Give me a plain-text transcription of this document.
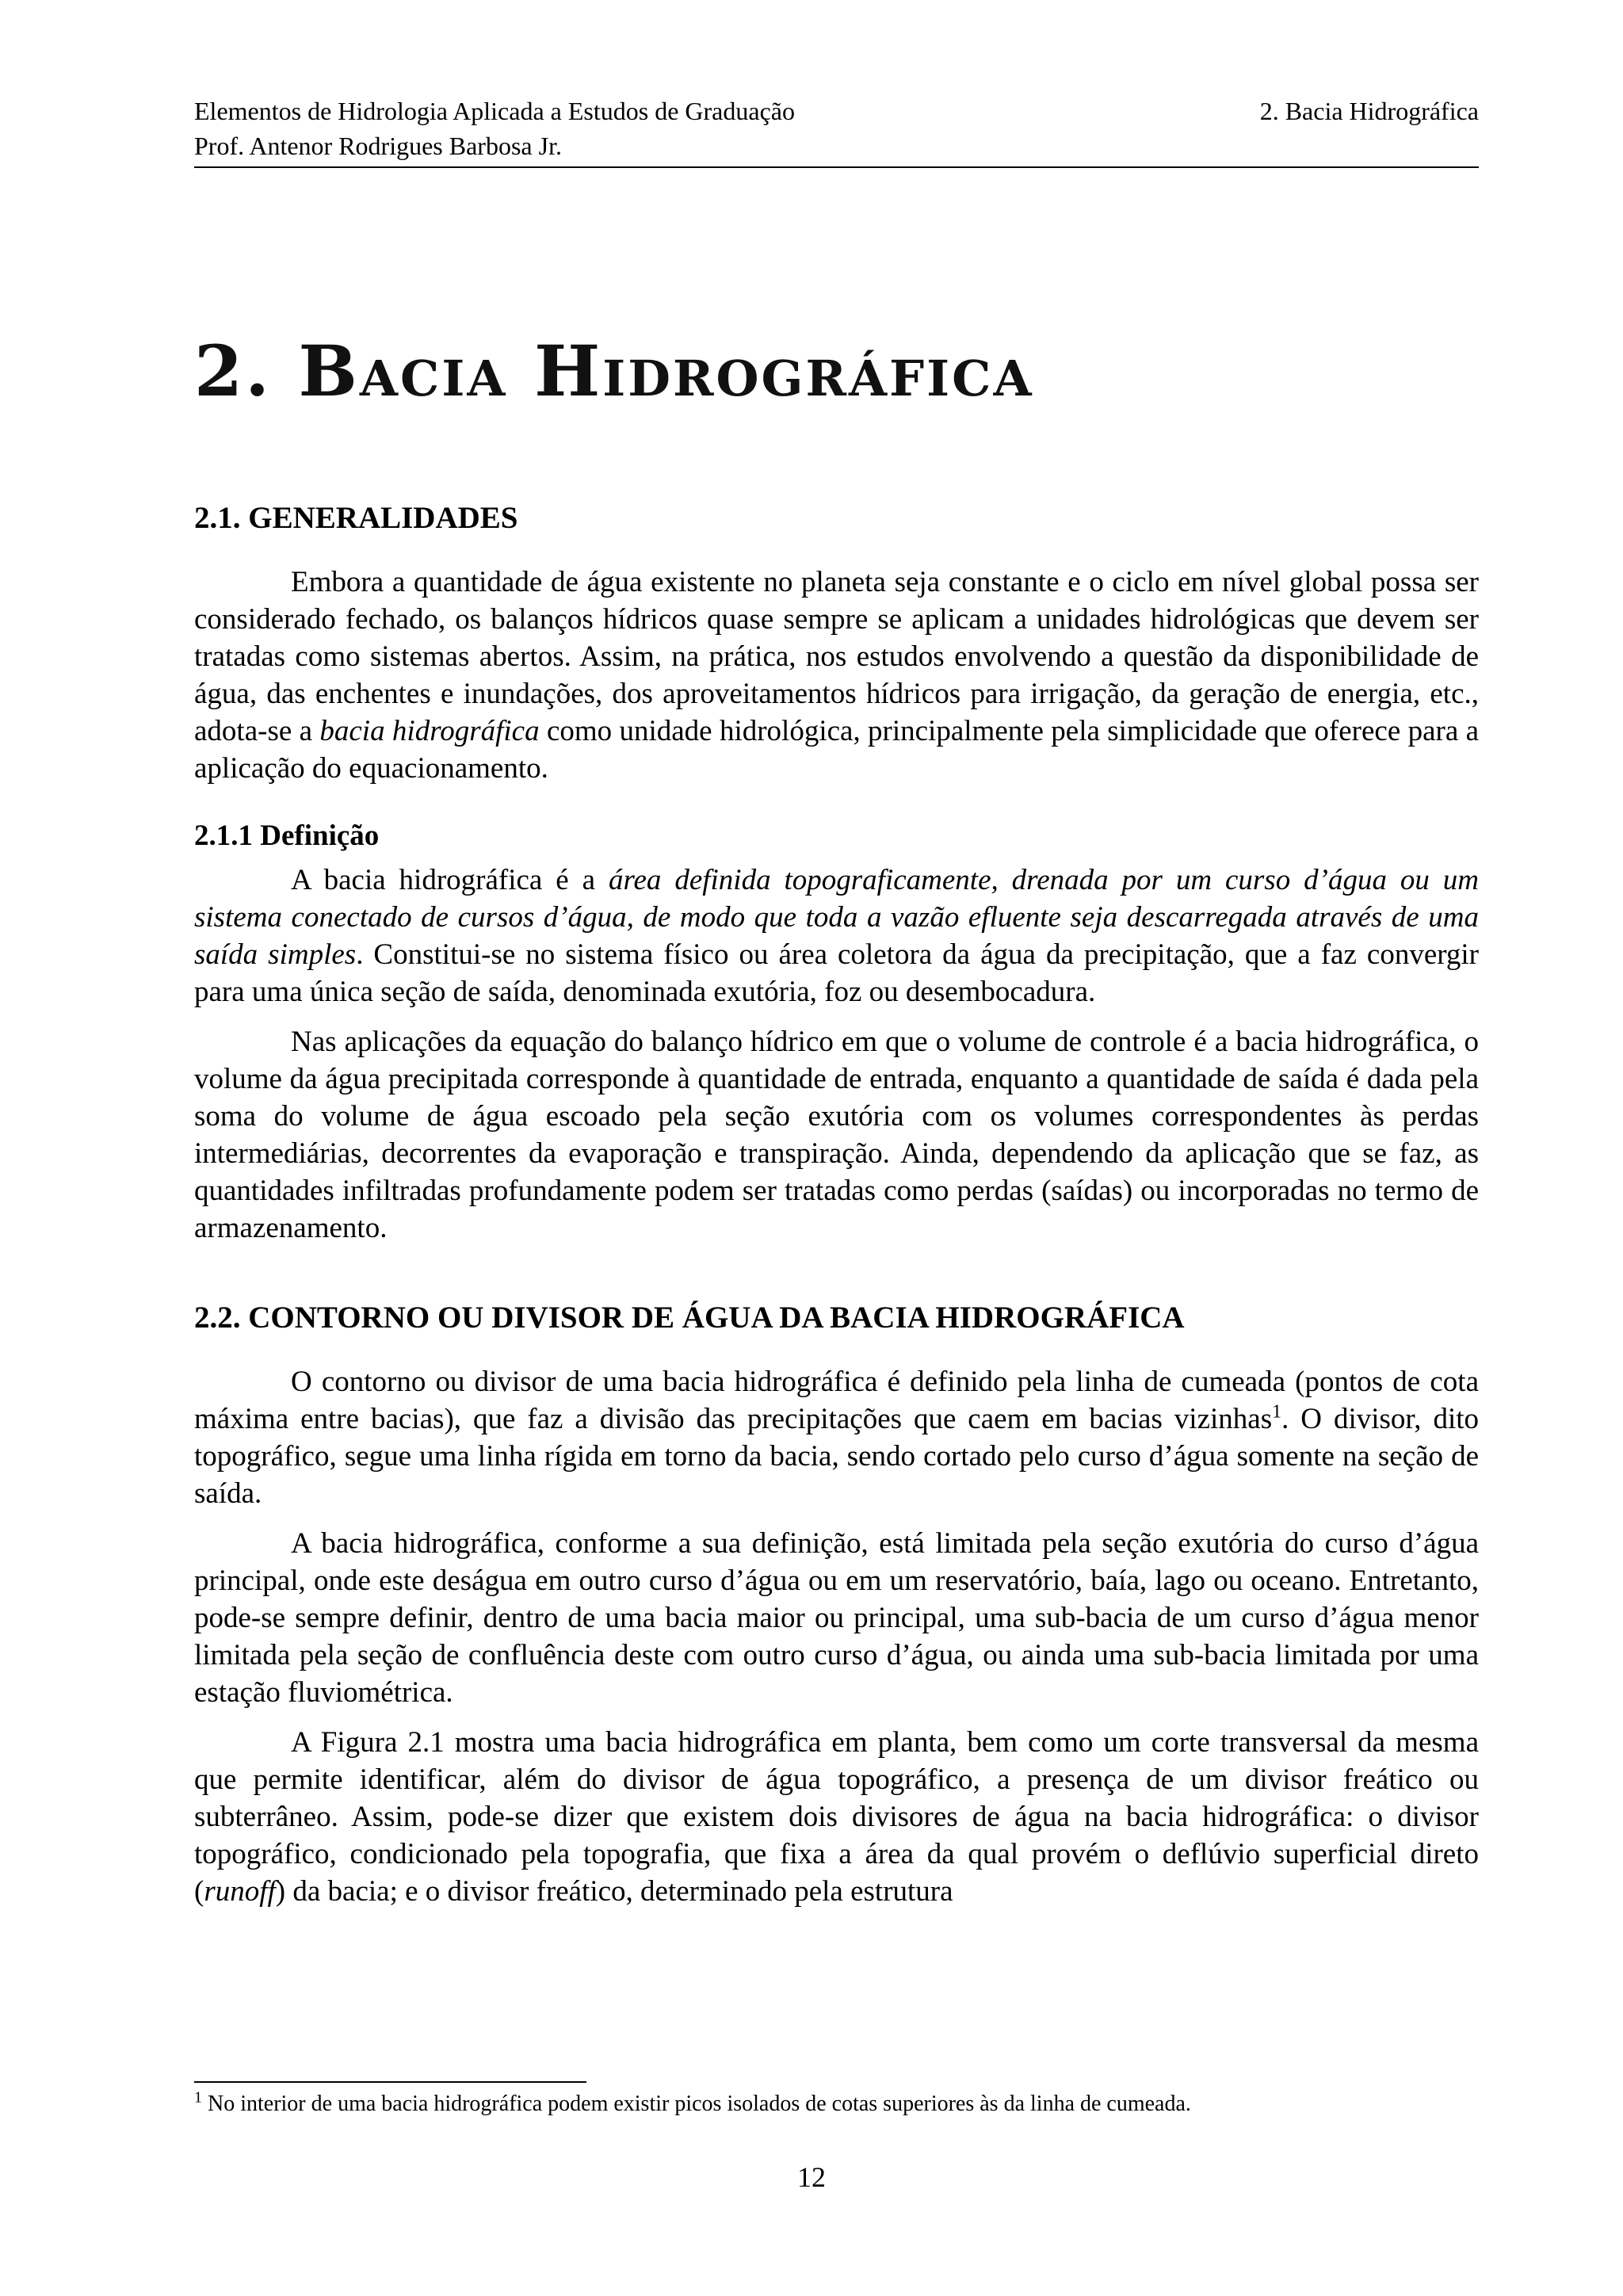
Elementos de Hidrologia Aplicada a Estudos de Graduação
Prof. Antenor Rodrigues Barbosa Jr.
2. Bacia Hidrográfica
2. Bacia Hidrográfica
2.1. GENERALIDADES

Embora a quantidade de água existente no planeta seja constante e o ciclo em nível global possa ser considerado fechado, os balanços hídricos quase sempre se aplicam a unidades hidrológicas que devem ser tratadas como sistemas abertos. Assim, na prática, nos estudos envolvendo a questão da disponibilidade de água, das enchentes e inundações, dos aproveitamentos hídricos para irrigação, da geração de energia, etc., adota-se a bacia hidrográfica como unidade hidrológica, principalmente pela simplicidade que oferece para a aplicação do equacionamento.

2.1.1 Definição

A bacia hidrográfica é a área definida topograficamente, drenada por um curso d’água ou um sistema conectado de cursos d’água, de modo que toda a vazão efluente seja descarregada através de uma saída simples. Constitui-se no sistema físico ou área coletora da água da precipitação, que a faz convergir para uma única seção de saída, denominada exutória, foz ou desembocadura.

Nas aplicações da equação do balanço hídrico em que o volume de controle é a bacia hidrográfica, o volume da água precipitada corresponde à quantidade de entrada, enquanto a quantidade de saída é dada pela soma do volume de água escoado pela seção exutória com os volumes correspondentes às perdas intermediárias, decorrentes da evaporação e transpiração. Ainda, dependendo da aplicação que se faz, as quantidades infiltradas profundamente podem ser tratadas como perdas (saídas) ou incorporadas no termo de armazenamento.

2.2. CONTORNO OU DIVISOR DE ÁGUA DA BACIA HIDROGRÁFICA

O contorno ou divisor de uma bacia hidrográfica é definido pela linha de cumeada (pontos de cota máxima entre bacias), que faz a divisão das precipitações que caem em bacias vizinhas$^1$. O divisor, dito topográfico, segue uma linha rígida em torno da bacia, sendo cortado pelo curso d’água somente na seção de saída.

A bacia hidrográfica, conforme a sua definição, está limitada pela seção exutória do curso d’água principal, onde este deságua em outro curso d’água ou em um reservatório, baía, lago ou oceano. Entretanto, pode-se sempre definir, dentro de uma bacia maior ou principal, uma sub-bacia de um curso d’água menor limitada pela seção de confluência deste com outro curso d’água, ou ainda uma sub-bacia limitada por uma estação fluviométrica.

A Figura 2.1 mostra uma bacia hidrográfica em planta, bem como um corte transversal da mesma que permite identificar, além do divisor de água topográfico, a presença de um divisor freático ou subterrâneo. Assim, pode-se dizer que existem dois divisores de água na bacia hidrográfica: o divisor topográfico, condicionado pela topografia, que fixa a área da qual provém o deflúvio superficial direto (runoff) da bacia; e o divisor freático, determinado pela estrutura

$^1$ No interior de uma bacia hidrográfica podem existir picos isolados de cotas superiores às da linha de cumeada.
12
